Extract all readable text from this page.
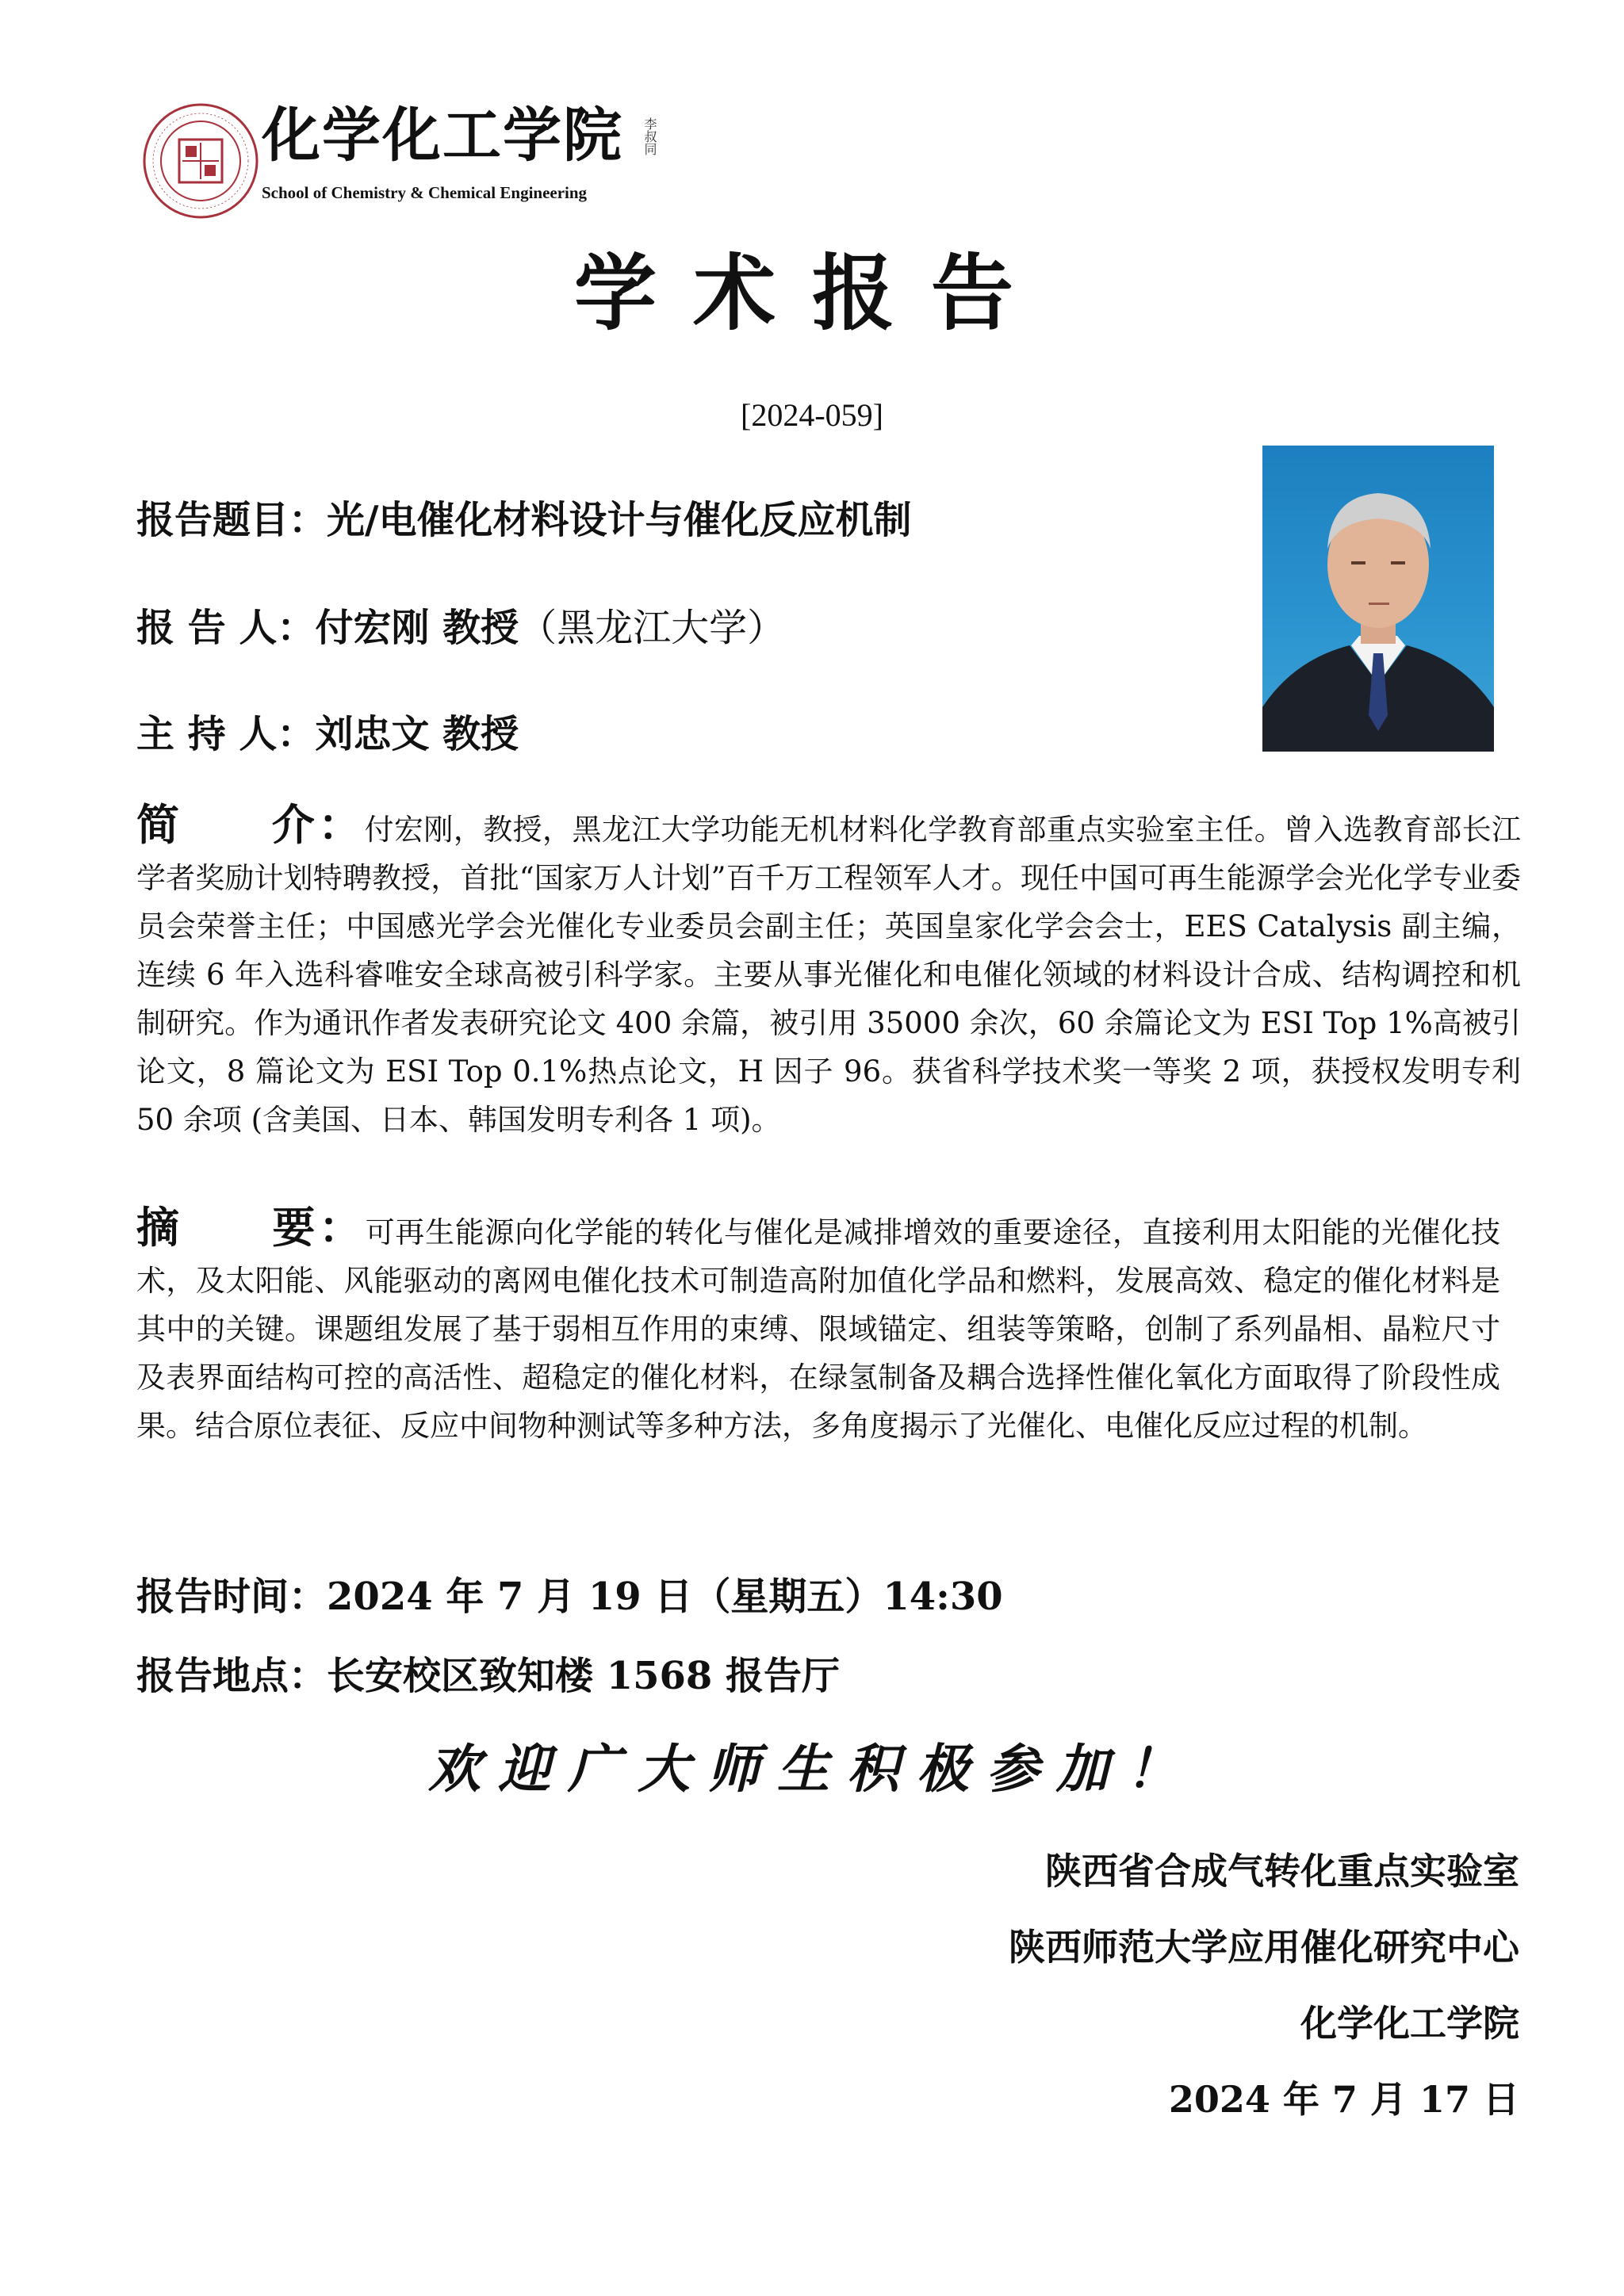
化学化工学院 李叔同
School of Chemistry & Chemical Engineering
学术报告
[2024-059]
报告题目：光/电催化材料设计与催化反应机制
报 告 人：付宏刚 教授（黑龙江大学）
主 持 人：刘忠文 教授
简 介：付宏刚，教授，黑龙江大学功能无机材料化学教育部重点实验室主任。曾入选教育部长江学者奖励计划特聘教授，首批“国家万人计划”百千万工程领军人才。现任中国可再生能源学会光化学专业委员会荣誉主任；中国感光学会光催化专业委员会副主任；英国皇家化学会会士，EES Catalysis 副主编，连续 6 年入选科睿唯安全球高被引科学家。主要从事光催化和电催化领域的材料设计合成、结构调控和机制研究。作为通讯作者发表研究论文 400 余篇，被引用 35000 余次，60 余篇论文为 ESI Top 1%高被引论文，8 篇论文为 ESI Top 0.1%热点论文，H 因子 96。获省科学技术奖一等奖 2 项，获授权发明专利 50 余项 (含美国、日本、韩国发明专利各 1 项)。
摘 要：可再生能源向化学能的转化与催化是减排增效的重要途径，直接利用太阳能的光催化技术，及太阳能、风能驱动的离网电催化技术可制造高附加值化学品和燃料，发展高效、稳定的催化材料是其中的关键。课题组发展了基于弱相互作用的束缚、限域锚定、组装等策略，创制了系列晶相、晶粒尺寸及表界面结构可控的高活性、超稳定的催化材料，在绿氢制备及耦合选择性催化氧化方面取得了阶段性成果。结合原位表征、反应中间物种测试等多种方法，多角度揭示了光催化、电催化反应过程的机制。
报告时间：2024 年 7 月 19 日（星期五）14:30
报告地点：长安校区致知楼 1568 报告厅
欢迎广大师生积极参加！
陕西省合成气转化重点实验室
陕西师范大学应用催化研究中心
化学化工学院
2024 年 7 月 17 日
